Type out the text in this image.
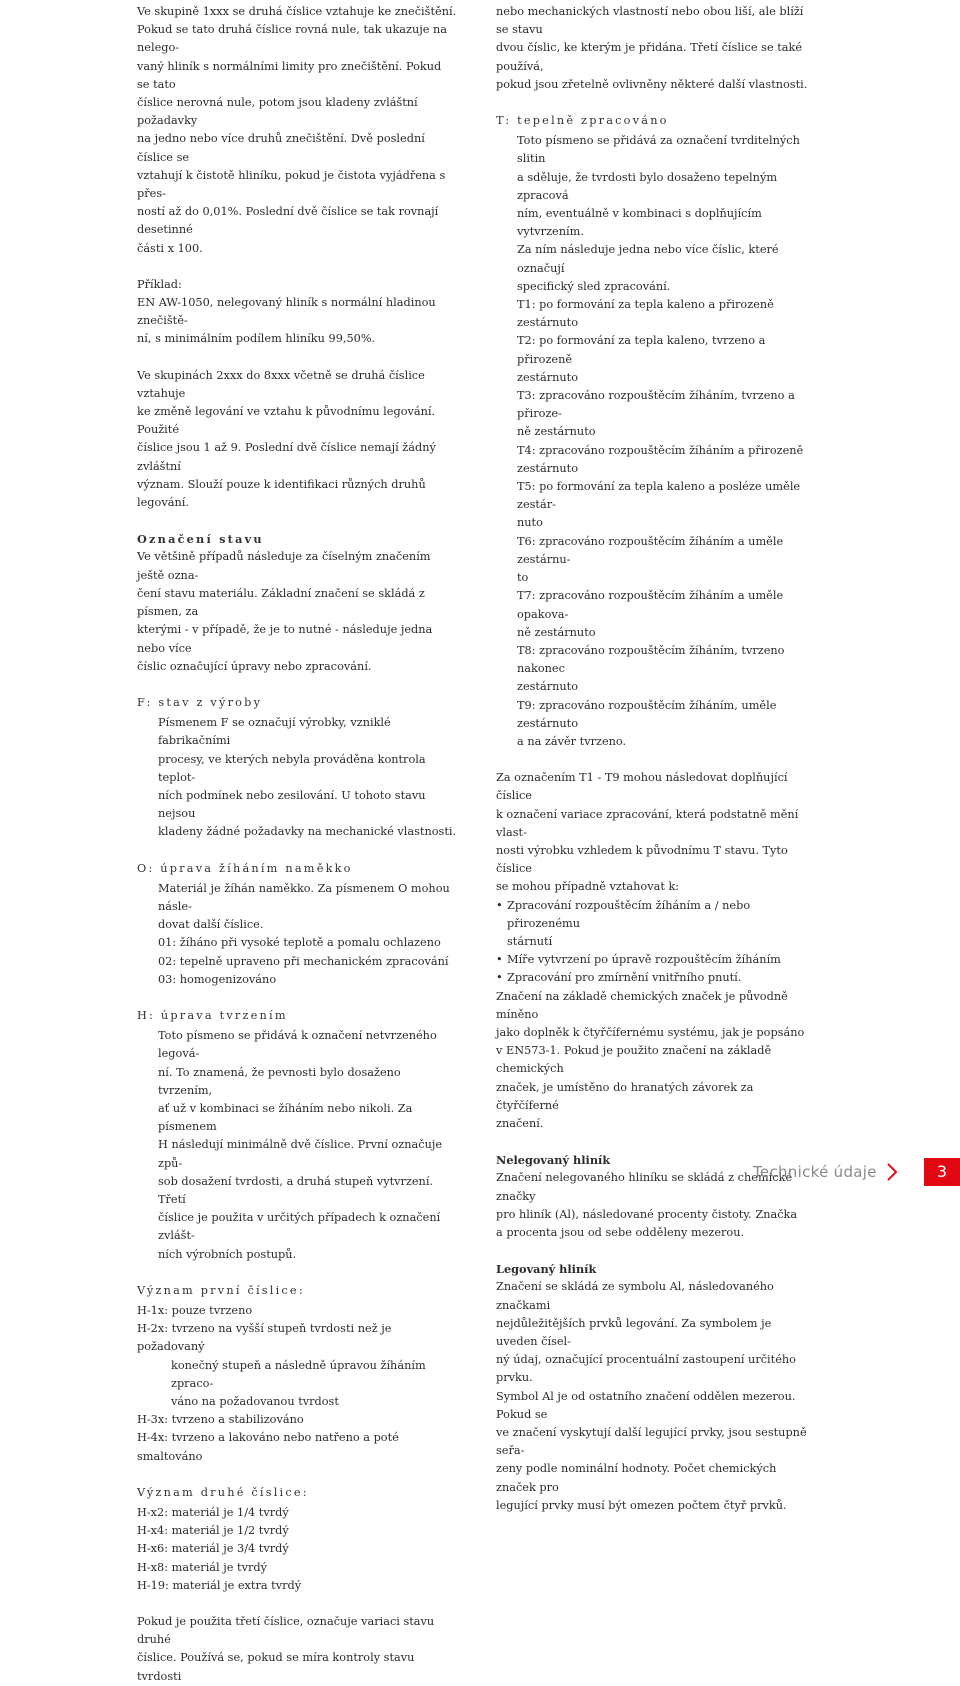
Ve skupině 1xxx se druhá číslice vztahuje ke znečištění.
Pokud se tato druhá číslice rovná nule, tak ukazuje na nelego-
vaný hliník s normálními limity pro znečištění. Pokud se tato
číslice nerovná nule, potom jsou kladeny zvláštní požadavky
na jedno nebo více druhů znečištění. Dvě poslední číslice se
vztahují k čistotě hliníku, pokud je čistota vyjádřena s přes-
ností až do 0,01%. Poslední dvě číslice se tak rovnají desetinné
části x 100.
Příklad:
EN AW-1050, nelegovaný hliník s normální hladinou znečiště-
ní, s minimálním podílem hliníku 99,50%.
Ve skupinách 2xxx do 8xxx včetně se druhá číslice vztahuje
ke změně legování ve vztahu k původnímu legování. Použité
číslice jsou 1 až 9. Poslední dvě číslice nemají žádný zvláštní
význam. Slouží pouze k identifikaci různých druhů legování.
Označení stavu
Ve většině případů následuje za číselným značením ještě ozna-
čení stavu materiálu. Základní značení se skládá z písmen, za
kterými - v případě, že je to nutné - následuje jedna nebo více
číslic označující úpravy nebo zpracování.
F: stav z výroby
Písmenem F se označují výrobky, vzniklé fabrikačními
procesy, ve kterých nebyla prováděna kontrola teplot-
ních podmínek nebo zesilování. U tohoto stavu nejsou
kladeny žádné požadavky na mechanické vlastnosti.
O: úprava žíháním naměkko
Materiál je žíhán naměkko. Za písmenem O mohou násle-
dovat další číslice.
01: žíháno při vysoké teplotě a pomalu ochlazeno
02: tepelně upraveno při mechanickém zpracování
03: homogenizováno
H: úprava tvrzením
Toto písmeno se přidává k označení netvrzeného legová-
ní. To znamená, že pevnosti bylo dosaženo tvrzením,
ať už v kombinaci se žíháním nebo nikoli. Za písmenem
H následují minimálně dvě číslice. První označuje způ-
sob dosažení tvrdosti, a druhá stupeň vytvrzení. Třetí
číslice je použita v určitých případech k označení zvlášt-
ních výrobních postupů.
Význam první číslice:
H-1x: pouze tvrzeno
H-2x: tvrzeno na vyšší stupeň tvrdosti než je požadovaný
konečný stupeň a následně úpravou žíháním zpraco-
váno na požadovanou tvrdost
H-3x: tvrzeno a stabilizováno
H-4x: tvrzeno a lakováno nebo natřeno a poté smaltováno
Význam druhé číslice:
H-x2: materiál je 1/4 tvrdý
H-x4: materiál je 1/2 tvrdý
H-x6: materiál je 3/4 tvrdý
H-x8: materiál je tvrdý
H-19: materiál je extra tvrdý
Pokud je použita třetí číslice, označuje variaci stavu druhé
číslice. Používá se, pokud se míra kontroly stavu tvrdosti
nebo mechanických vlastností nebo obou liší, ale blíží se stavu
dvou číslic, ke kterým je přidána. Třetí číslice se také používá,
pokud jsou zřetelně ovlivněny některé další vlastnosti.
T: tepelně zpracováno
Toto písmeno se přidává za označení tvrditelných slitin
a sděluje, že tvrdosti bylo dosaženo tepelným zpracová
ním, eventuálně v kombinaci s doplňujícím vytvrzením.
Za ním následuje jedna nebo více číslic, které označují
specifický sled zpracování.
T1: po formování za tepla kaleno a přirozeně zestárnuto
T2: po formování za tepla kaleno, tvrzeno a přirozeně
zestárnuto
T3: zpracováno rozpouštěcím žíháním, tvrzeno a přiroze-
ně zestárnuto
T4: zpracováno rozpouštěcím žíháním a přirozeně
zestárnuto
T5: po formování za tepla kaleno a posléze uměle zestár-
nuto
T6: zpracováno rozpouštěcím žíháním a uměle zestárnu-
to
T7: zpracováno rozpouštěcím žíháním a uměle opakova-
ně zestárnuto
T8: zpracováno rozpouštěcím žíháním, tvrzeno nakonec
zestárnuto
T9: zpracováno rozpouštěcím žíháním, uměle zestárnuto
a na závěr tvrzeno.
Za označením T1 - T9 mohou následovat doplňující číslice
k označení variace zpracování, která podstatně mění vlast-
nosti výrobku vzhledem k původnímu T stavu. Tyto číslice
se mohou případně vztahovat k:
• Zpracování rozpouštěcím žíháním a / nebo přirozenému
stárnutí
• Míře vytvrzení po úpravě rozpouštěcím žíháním
• Zpracování pro zmírnění vnitřního pnutí.
Značení na základě chemických značek je původně míněno
jako doplněk k čtyřčífernému systému, jak je popsáno
v EN573-1. Pokud je použito značení na základě chemických
značek, je umístěno do hranatých závorek za čtyřčíferné
značení.
Nelegovaný hliník
Značení nelegovaného hliníku se skládá z chemické značky
pro hliník (Al), následované procenty čistoty. Značka
a procenta jsou od sebe odděleny mezerou.
Legovaný hliník
Značení se skládá ze symbolu Al, následovaného značkami
nejdůležitějších prvků legování. Za symbolem je uveden čísel-
ný údaj, označující procentuální zastoupení určitého prvku.
Symbol Al je od ostatního značení oddělen mezerou. Pokud se
ve značení vyskytují další legující prvky, jsou sestupně seřa-
zeny podle nominální hodnoty. Počet chemických značek pro
legující prvky musí být omezen počtem čtyř prvků.
Technické údaje	3
